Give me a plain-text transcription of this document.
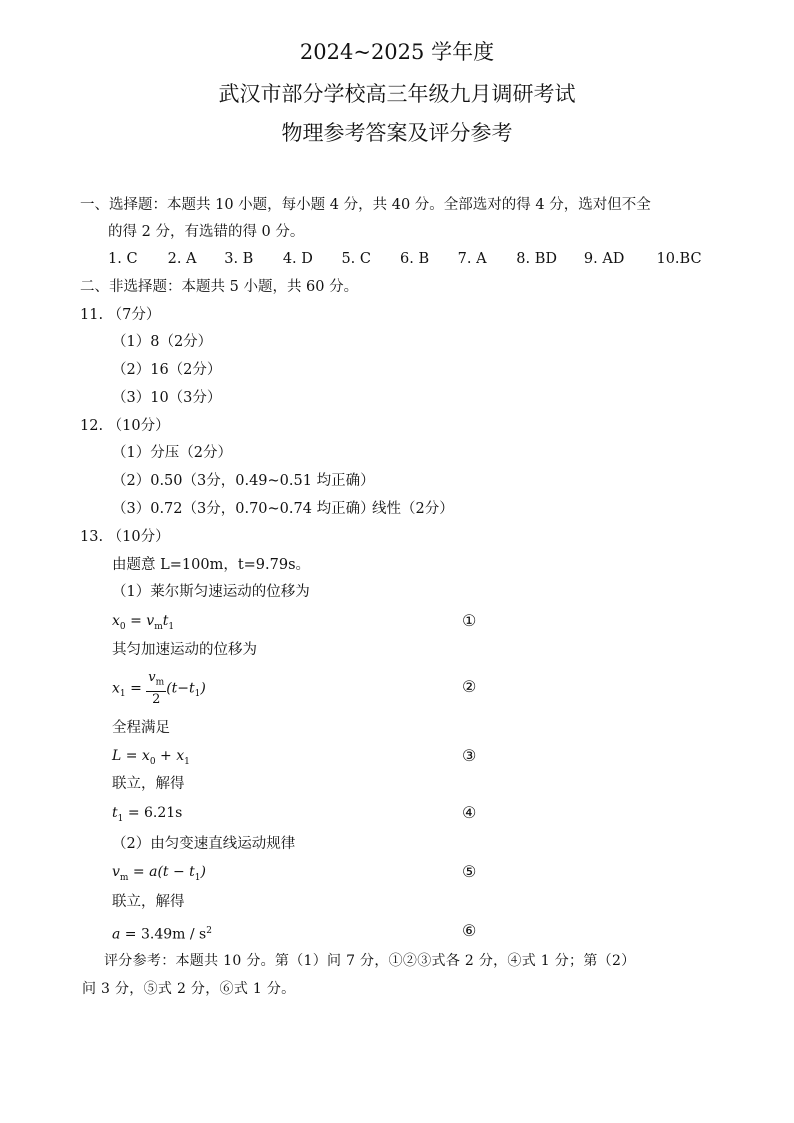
2024~2025 学年度
武汉市部分学校高三年级九月调研考试
物理参考答案及评分参考
一、选择题：本题共 10 小题，每小题 4 分，共 40 分。全部选对的得 4 分，选对但不全
的得 2 分，有选错的得 0 分。
1. C 2. A 3. B 4. D 5. C 6. B 7. A 8. BD 9. AD 10.BC
二、非选择题：本题共 5 小题，共 60 分。
11. （7分）
（1）8（2分）
（2）16（2分）
（3）10（3分）
12. （10分）
（1）分压（2分）
（2）0.50（3分，0.49~0.51 均正确）
（3）0.72（3分，0.70~0.74 均正确）
线性（2分）
13. （10分）
由题意 L=100m，t=9.79s。
（1）莱尔斯匀速运动的位移为
$x_0 = v_mt_1$	①
其匀加速运动的位移为
$x_1 = \frac{v_m}{2} (t-t_1)$	②
全程满足
$L = x_0 + x_1$	③
联立，解得
$t_1 = 6.21s$	④
（2）由匀变速直线运动规律
$v_m = a(t - t_1)$	⑤
联立，解得
$a = 3.49m / s^2$	⑥
评分参考：本题共 10 分。第（1）问 7 分，①②③式各 2 分，④式 1 分；第（2）
问 3 分，⑤式 2 分，⑥式 1 分。
